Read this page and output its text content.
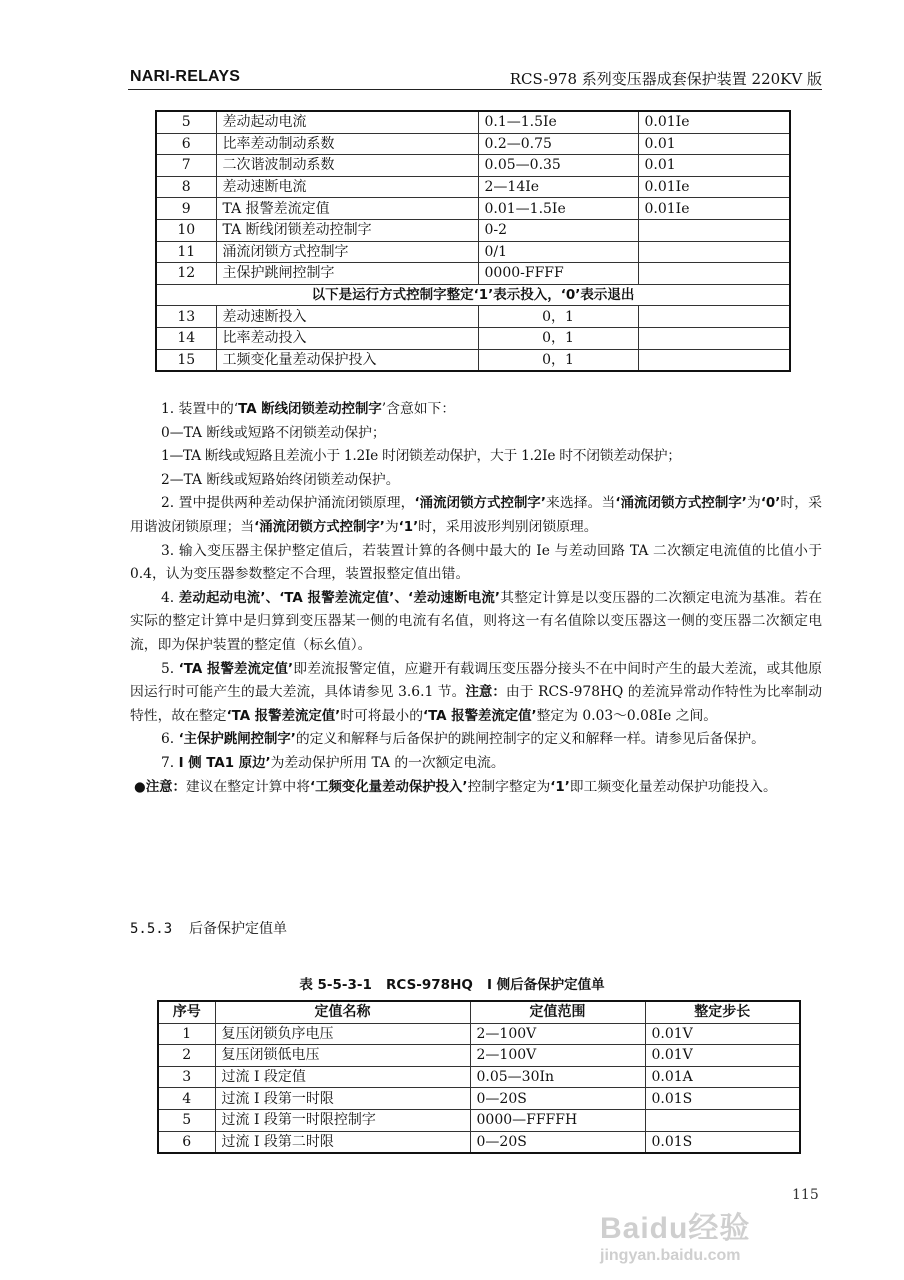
NARI-RELAYS	RCS-978 系列变压器成套保护装置 220KV 版
5	差动起动电流	0.1—1.5Ie	0.01Ie
6	比率差动制动系数	0.2—0.75	0.01
7	二次谐波制动系数	0.05—0.35	0.01
8	差动速断电流	2—14Ie	0.01Ie
9	TA 报警差流定值	0.01—1.5Ie	0.01Ie
10	TA 断线闭锁差动控制字	0-2	
11	涌流闭锁方式控制字	0/1	
12	主保护跳闸控制字	0000-FFFF	
以下是运行方式控制字整定‘1’表示投入，‘0’表示退出			
13	差动速断投入	0，1	
14	比率差动投入	0，1	
15	工频变化量差动保护投入	0，1	

1. 装置中的‘TA 断线闭锁差动控制字’含意如下：

0—TA 断线或短路不闭锁差动保护；

1—TA 断线或短路且差流小于 1.2Ie 时闭锁差动保护，大于 1.2Ie 时不闭锁差动保护；

2—TA 断线或短路始终闭锁差动保护。

2. 置中提供两种差动保护涌流闭锁原理，‘涌流闭锁方式控制字’来选择。当‘涌流闭锁方式控制字’为‘0’时，采用谐波闭锁原理；当‘涌流闭锁方式控制字’为‘1’时，采用波形判别闭锁原理。

3. 输入变压器主保护整定值后，若装置计算的各侧中最大的 Ie 与差动回路 TA 二次额定电流值的比值小于 0.4，认为变压器参数整定不合理，装置报整定值出错。

4. 差动起动电流’、‘TA 报警差流定值’、‘差动速断电流’其整定计算是以变压器的二次额定电流为基准。若在实际的整定计算中是归算到变压器某一侧的电流有名值，则将这一有名值除以变压器这一侧的变压器二次额定电流，即为保护装置的整定值（标幺值）。

5. ‘TA 报警差流定值’即差流报警定值，应避开有载调压变压器分接头不在中间时产生的最大差流，或其他原因运行时可能产生的最大差流，具体请参见 3.6.1 节。注意：由于 RCS-978HQ 的差流异常动作特性为比率制动特性，故在整定‘TA 报警差流定值’时可将最小的‘TA 报警差流定值’整定为 0.03～0.08Ie 之间。

6. ‘主保护跳闸控制字’的定义和解释与后备保护的跳闸控制字的定义和解释一样。请参见后备保护。

7. I 侧 TA1 原边’为差动保护所用 TA 的一次额定电流。

●注意：建议在整定计算中将‘工频变化量差动保护投入’控制字整定为‘1’即工频变化量差动保护功能投入。

5.5.3 后备保护定值单
表 5-5-3-1   RCS-978HQ   I 侧后备保护定值单
序号	定值名称	定值范围	整定步长
1	复压闭锁负序电压	2—100V	0.01V
2	复压闭锁低电压	2—100V	0.01V
3	过流 I 段定值	0.05—30In	0.01A
4	过流 I 段第一时限	0—20S	0.01S
5	过流 I 段第一时限控制字	0000—FFFFH	
6	过流 I 段第二时限	0—20S	0.01S
115
Baidu经验
jingyan.baidu.com
